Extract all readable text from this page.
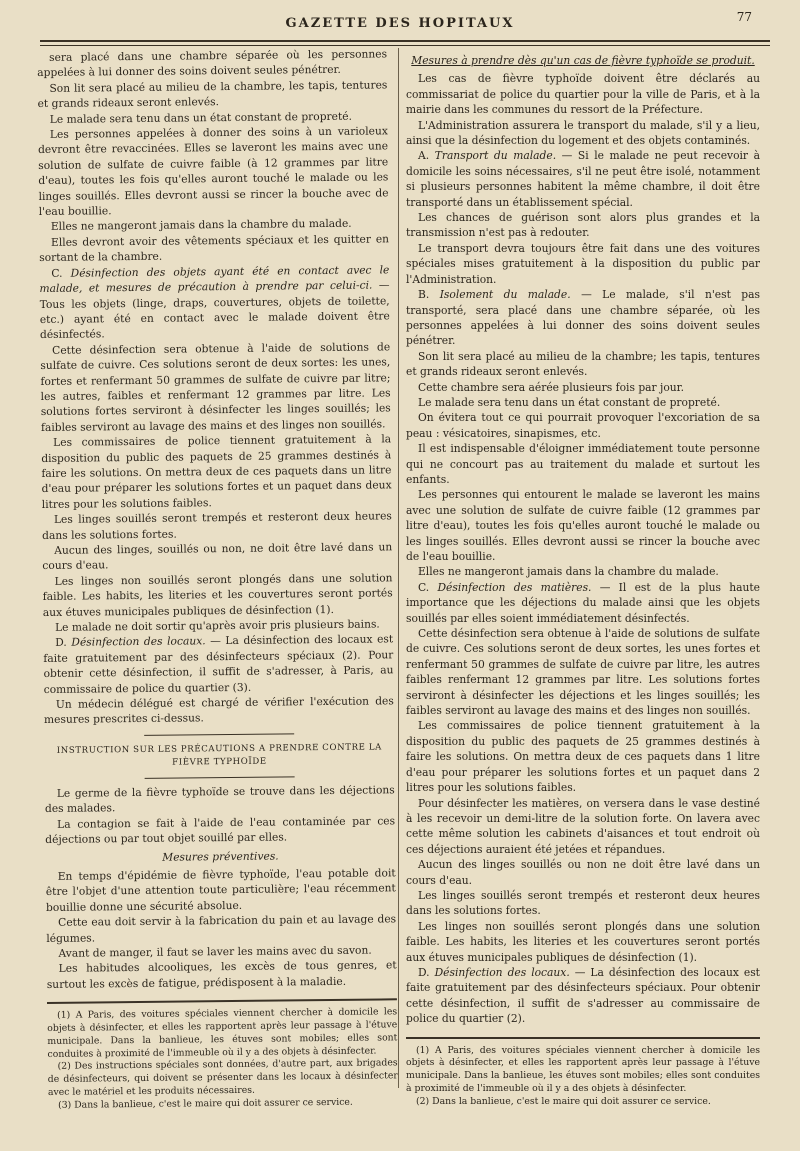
GAZETTE DES HOPITAUX	77

sera placé dans une chambre séparée où les personnes appelées à lui donner des soins doivent seules pénétrer.

Son lit sera placé au milieu de la chambre, les tapis, tentures et grands rideaux seront enlevés.

Le malade sera tenu dans un état constant de propreté.

Les personnes appelées à donner des soins à un varioleux devront être revaccinées. Elles se laveront les mains avec une solution de sulfate de cuivre faible (à 12 grammes par litre d'eau), toutes les fois qu'elles auront touché le malade ou les linges souillés. Elles devront aussi se rincer la bouche avec de l'eau bouillie.

Elles ne mangeront jamais dans la chambre du malade.

Elles devront avoir des vêtements spéciaux et les quitter en sortant de la chambre.

C. Désinfection des objets ayant été en contact avec le malade, et mesures de précaution à prendre par celui-ci. — Tous les objets (linge, draps, couvertures, objets de toilette, etc.) ayant été en contact avec le malade doivent être désinfectés.

Cette désinfection sera obtenue à l'aide de solutions de sulfate de cuivre. Ces solutions seront de deux sortes: les unes, fortes et renfermant 50 grammes de sulfate de cuivre par litre; les autres, faibles et renfermant 12 grammes par litre. Les solutions fortes serviront à désinfecter les linges souillés; les faibles serviront au lavage des mains et des linges non souillés.

Les commissaires de police tiennent gratuitement à la disposition du public des paquets de 25 grammes destinés à faire les solutions. On mettra deux de ces paquets dans un litre d'eau pour préparer les solutions fortes et un paquet dans deux litres pour les solutions faibles.

Les linges souillés seront trempés et resteront deux heures dans les solutions fortes.

Aucun des linges, souillés ou non, ne doit être lavé dans un cours d'eau.

Les linges non souillés seront plongés dans une solution faible. Les habits, les literies et les couvertures seront portés aux étuves municipales publiques de désinfection (1).

Le malade ne doit sortir qu'après avoir pris plusieurs bains.

D. Désinfection des locaux. — La désinfection des locaux est faite gratuitement par des désinfecteurs spéciaux (2). Pour obtenir cette désinfection, il suffit de s'adresser, à Paris, au commissaire de police du quartier (3).

Un médecin délégué est chargé de vérifier l'exécution des mesures prescrites ci-dessus.

INSTRUCTION SUR LES PRÉCAUTIONS A PRENDRE CONTRE LA FIÈVRE TYPHOÏDE

Le germe de la fièvre typhoïde se trouve dans les déjections des malades.

La contagion se fait à l'aide de l'eau contaminée par ces déjections ou par tout objet souillé par elles.

Mesures préventives.

En temps d'épidémie de fièvre typhoïde, l'eau potable doit être l'objet d'une attention toute particulière; l'eau récemment bouillie donne une sécurité absolue.

Cette eau doit servir à la fabrication du pain et au lavage des légumes.

Avant de manger, il faut se laver les mains avec du savon.

Les habitudes alcooliques, les excès de tous genres, et surtout les excès de fatigue, prédisposent à la maladie.

(1) A Paris, des voitures spéciales viennent chercher à domicile les objets à désinfecter, et elles les rapportent après leur passage à l'étuve municipale. Dans la banlieue, les étuves sont mobiles; elles sont conduites à proximité de l'immeuble où il y a des objets à désinfecter.

(2) Des instructions spéciales sont données, d'autre part, aux brigades de désinfecteurs, qui doivent se présenter dans les locaux à désinfecter avec le matériel et les produits nécessaires.

(3) Dans la banlieue, c'est le maire qui doit assurer ce service.

Mesures à prendre dès qu'un cas de fièvre typhoïde se produit.

Les cas de fièvre typhoïde doivent être déclarés au commissariat de police du quartier pour la ville de Paris, et à la mairie dans les communes du ressort de la Préfecture.

L'Administration assurera le transport du malade, s'il y a lieu, ainsi que la désinfection du logement et des objets contaminés.

A. Transport du malade. — Si le malade ne peut recevoir à domicile les soins nécessaires, s'il ne peut être isolé, notamment si plusieurs personnes habitent la même chambre, il doit être transporté dans un établissement spécial.

Les chances de guérison sont alors plus grandes et la transmission n'est pas à redouter.

Le transport devra toujours être fait dans une des voitures spéciales mises gratuitement à la disposition du public par l'Administration.

B. Isolement du malade. — Le malade, s'il n'est pas transporté, sera placé dans une chambre séparée, où les personnes appelées à lui donner des soins doivent seules pénétrer.

Son lit sera placé au milieu de la chambre; les tapis, tentures et grands rideaux seront enlevés.

Cette chambre sera aérée plusieurs fois par jour.

Le malade sera tenu dans un état constant de propreté.

On évitera tout ce qui pourrait provoquer l'excoriation de sa peau : vésicatoires, sinapismes, etc.

Il est indispensable d'éloigner immédiatement toute personne qui ne concourt pas au traitement du malade et surtout les enfants.

Les personnes qui entourent le malade se laveront les mains avec une solution de sulfate de cuivre faible (12 grammes par litre d'eau), toutes les fois qu'elles auront touché le malade ou les linges souillés. Elles devront aussi se rincer la bouche avec de l'eau bouillie.

Elles ne mangeront jamais dans la chambre du malade.

C. Désinfection des matières. — Il est de la plus haute importance que les déjections du malade ainsi que les objets souillés par elles soient immédiatement désinfectés.

Cette désinfection sera obtenue à l'aide de solutions de sulfate de cuivre. Ces solutions seront de deux sortes, les unes fortes et renfermant 50 grammes de sulfate de cuivre par litre, les autres faibles renfermant 12 grammes par litre. Les solutions fortes serviront à désinfecter les déjections et les linges souillés; les faibles serviront au lavage des mains et des linges non souillés.

Les commissaires de police tiennent gratuitement à la disposition du public des paquets de 25 grammes destinés à faire les solutions. On mettra deux de ces paquets dans 1 litre d'eau pour préparer les solutions fortes et un paquet dans 2 litres pour les solutions faibles.

Pour désinfecter les matières, on versera dans le vase destiné à les recevoir un demi-litre de la solution forte. On lavera avec cette même solution les cabinets d'aisances et tout endroit où ces déjections auraient été jetées et répandues.

Aucun des linges souillés ou non ne doit être lavé dans un cours d'eau.

Les linges souillés seront trempés et resteront deux heures dans les solutions fortes.

Les linges non souillés seront plongés dans une solution faible. Les habits, les literies et les couvertures seront portés aux étuves municipales publiques de désinfection (1).

D. Désinfection des locaux. — La désinfection des locaux est faite gratuitement par des désinfecteurs spéciaux. Pour obtenir cette désinfection, il suffit de s'adresser au commissaire de police du quartier (2).

(1) A Paris, des voitures spéciales viennent chercher à domicile les objets à désinfecter, et elles les rapportent après leur passage à l'étuve municipale. Dans la banlieue, les étuves sont mobiles; elles sont conduites à proximité de l'immeuble où il y a des objets à désinfecter.

(2) Dans la banlieue, c'est le maire qui doit assurer ce service.
